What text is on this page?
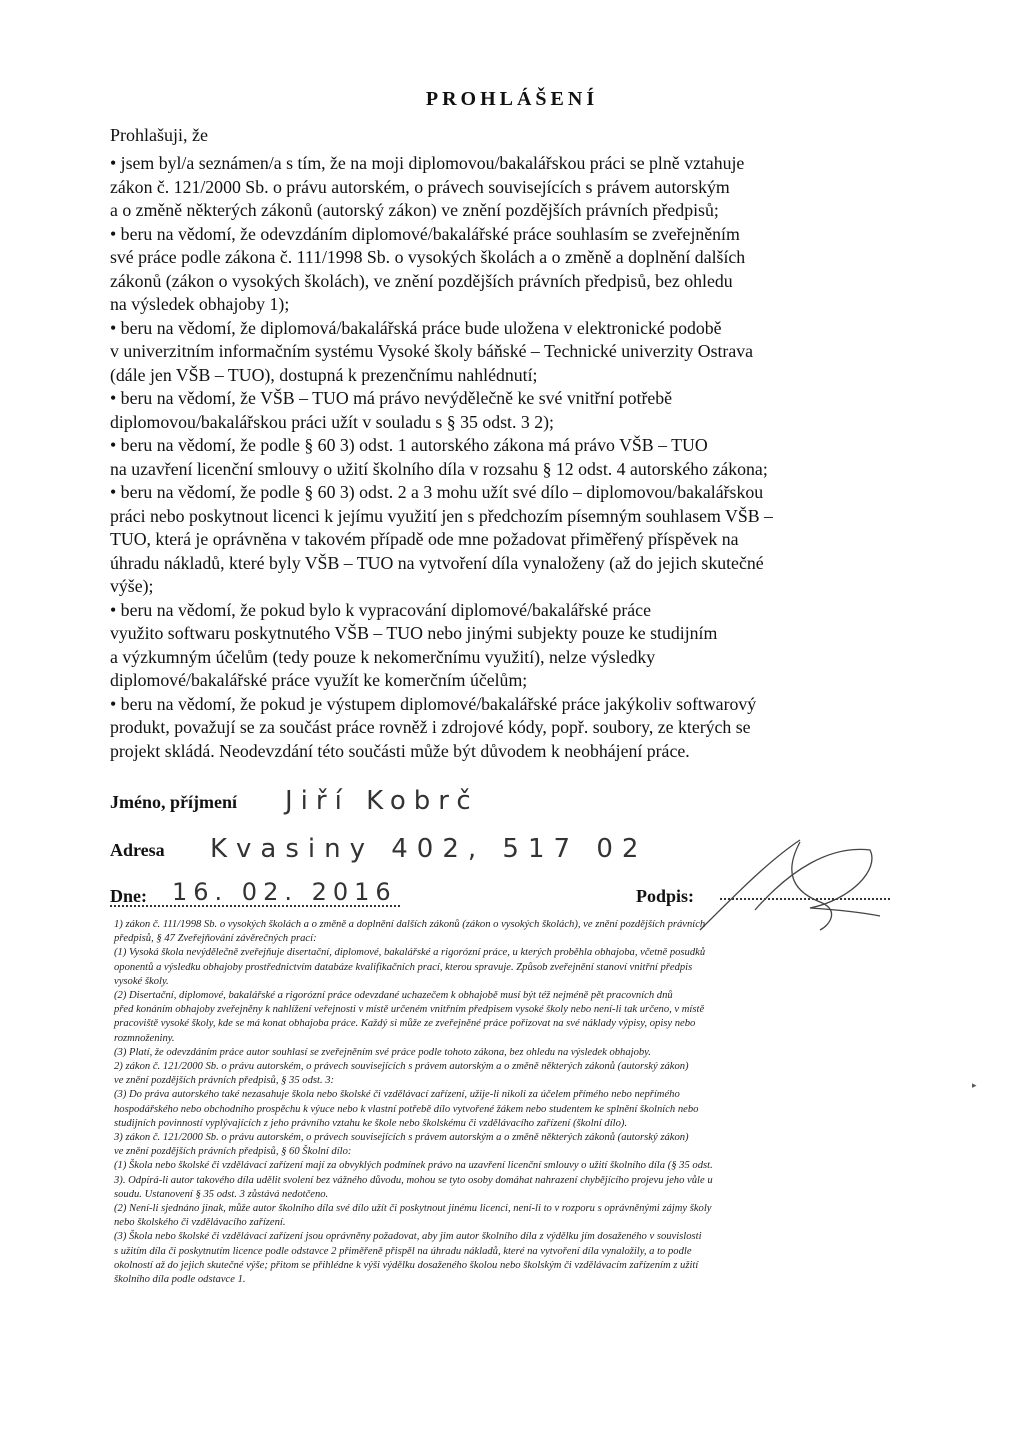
PROHLÁŠENÍ
Prohlašuji, že

• jsem byl/a seznámen/a s tím, že na moji diplomovou/bakalářskou práci se plně vztahuje

zákon č. 121/2000 Sb. o právu autorském, o právech souvisejících s právem autorským

a o změně některých zákonů (autorský zákon) ve znění pozdějších právních předpisů;

• beru na vědomí, že odevzdáním diplomové/bakalářské práce souhlasím se zveřejněním

své práce podle zákona č. 111/1998 Sb. o vysokých školách a o změně a doplnění dalších

zákonů (zákon o vysokých školách), ve znění pozdějších právních předpisů, bez ohledu

na výsledek obhajoby 1);

• beru na vědomí, že diplomová/bakalářská práce bude uložena v elektronické podobě

v univerzitním informačním systému Vysoké školy báňské – Technické univerzity Ostrava

(dále jen VŠB – TUO), dostupná k prezenčnímu nahlédnutí;

• beru na vědomí, že VŠB – TUO má právo nevýdělečně ke své vnitřní potřebě

diplomovou/bakalářskou práci užít v souladu s § 35 odst. 3 2);

• beru na vědomí, že podle § 60 3) odst. 1 autorského zákona má právo VŠB – TUO

na uzavření licenční smlouvy o užití školního díla v rozsahu § 12 odst. 4 autorského zákona;

• beru na vědomí, že podle § 60 3) odst. 2 a 3 mohu užít své dílo – diplomovou/bakalářskou

práci nebo poskytnout licenci k jejímu využití jen s předchozím písemným souhlasem VŠB –

TUO, která je oprávněna v takovém případě ode mne požadovat přiměřený příspěvek na

úhradu nákladů, které byly VŠB – TUO na vytvoření díla vynaloženy (až do jejich skutečné

výše);

• beru na vědomí, že pokud bylo k vypracování diplomové/bakalářské práce

využito softwaru poskytnutého VŠB – TUO nebo jinými subjekty pouze ke studijním

a výzkumným účelům (tedy pouze k nekomerčnímu využití), nelze výsledky

diplomové/bakalářské práce využít ke komerčním účelům;

• beru na vědomí, že pokud je výstupem diplomové/bakalářské práce jakýkoliv softwarový

produkt, považují se za součást práce rovněž i zdrojové kódy, popř. soubory, ze kterých se

projekt skládá. Neodevzdání této součásti může být důvodem k neobhájení práce.

Jméno, příjmení Jiří Kobrč
Adresa Kvasiny 402, 517 02
Dne: 16. 02. 2016	Podpis:

1) zákon č. 111/1998 Sb. o vysokých školách a o změně a doplnění dalších zákonů (zákon o vysokých školách), ve znění pozdějších právních

předpisů, § 47 Zveřejňování závěrečných prací:

(1) Vysoká škola nevýdělečně zveřejňuje disertační, diplomové, bakalářské a rigorózní práce, u kterých proběhla obhajoba, včetně posudků

oponentů a výsledku obhajoby prostřednictvím databáze kvalifikačních prací, kterou spravuje. Způsob zveřejnění stanoví vnitřní předpis

vysoké školy.

(2) Disertační, diplomové, bakalářské a rigorózní práce odevzdané uchazečem k obhajobě musí být též nejméně pět pracovních dnů

před konáním obhajoby zveřejněny k nahlížení veřejnosti v místě určeném vnitřním předpisem vysoké školy nebo není-li tak určeno, v místě

pracoviště vysoké školy, kde se má konat obhajoba práce. Každý si může ze zveřejněné práce pořizovat na své náklady výpisy, opisy nebo

rozmnoženiny.

(3) Platí, že odevzdáním práce autor souhlasí se zveřejněním své práce podle tohoto zákona, bez ohledu na výsledek obhajoby.

2) zákon č. 121/2000 Sb. o právu autorském, o právech souvisejících s právem autorským a o změně některých zákonů (autorský zákon)

ve znění pozdějších právních předpisů, § 35 odst. 3:

(3) Do práva autorského také nezasahuje škola nebo školské či vzdělávací zařízení, užije-li nikoli za účelem přímého nebo nepřímého

hospodářského nebo obchodního prospěchu k výuce nebo k vlastní potřebě dílo vytvořené žákem nebo studentem ke splnění školních nebo

studijních povinností vyplývajících z jeho právního vztahu ke škole nebo školskému či vzdělávacího zařízení (školní dílo).

3) zákon č. 121/2000 Sb. o právu autorském, o právech souvisejících s právem autorským a o změně některých zákonů (autorský zákon)

ve znění pozdějších právních předpisů, § 60 Školní dílo:

(1) Škola nebo školské či vzdělávací zařízení mají za obvyklých podmínek právo na uzavření licenční smlouvy o užití školního díla (§ 35 odst.

3). Odpírá-li autor takového díla udělit svolení bez vážného důvodu, mohou se tyto osoby domáhat nahrazení chybějícího projevu jeho vůle u

soudu. Ustanovení § 35 odst. 3 zůstává nedotčeno.

(2) Není-li sjednáno jinak, může autor školního díla své dílo užít či poskytnout jinému licenci, není-li to v rozporu s oprávněnými zájmy školy

nebo školského či vzdělávacího zařízení.

(3) Škola nebo školské či vzdělávací zařízení jsou oprávněny požadovat, aby jim autor školního díla z výdělku jím dosaženého v souvislosti

s užitím díla či poskytnutím licence podle odstavce 2 přiměřeně přispěl na úhradu nákladů, které na vytvoření díla vynaložily, a to podle

okolností až do jejich skutečné výše; přitom se přihlédne k výši výdělku dosaženého školou nebo školským či vzdělávacím zařízením z užití

školního díla podle odstavce 1.

▸
